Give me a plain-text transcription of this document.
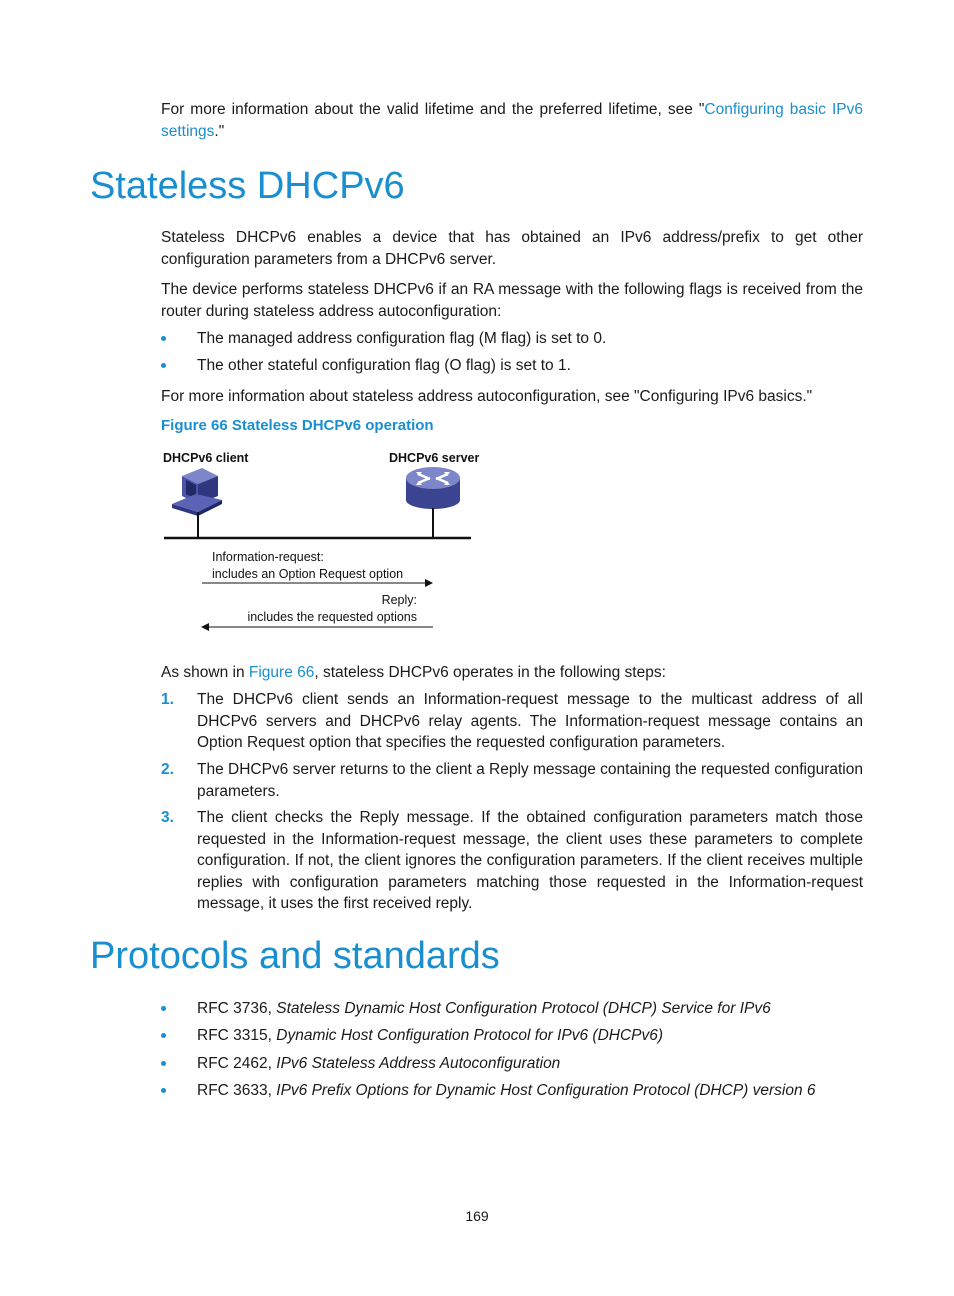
For more information about the valid lifetime and the preferred lifetime, see "Configuring basic IPv6 settings."

Stateless DHCPv6

Stateless DHCPv6 enables a device that has obtained an IPv6 address/prefix to get other configuration parameters from a DHCPv6 server.

The device performs stateless DHCPv6 if an RA message with the following flags is received from the router during stateless address autoconfiguration:

The managed address configuration flag (M flag) is set to 0.
The other stateful configuration flag (O flag) is set to 1.

For more information about stateless address autoconfiguration, see "Configuring IPv6 basics."

Figure 66 Stateless DHCPv6 operation
DHCPv6 client	DHCPv6 server
Information-request:
includes an Option Request option
Reply:
includes the requested options

As shown in Figure 66, stateless DHCPv6 operates in the following steps:

1. The DHCPv6 client sends an Information-request message to the multicast address of all DHCPv6 servers and DHCPv6 relay agents. The Information-request message contains an Option Request option that specifies the requested configuration parameters.
2. The DHCPv6 server returns to the client a Reply message containing the requested configuration parameters.
3. The client checks the Reply message. If the obtained configuration parameters match those requested in the Information-request message, the client uses these parameters to complete configuration. If not, the client ignores the configuration parameters. If the client receives multiple replies with configuration parameters matching those requested in the Information-request message, it uses the first received reply.
Protocols and standards
RFC 3736, Stateless Dynamic Host Configuration Protocol (DHCP) Service for IPv6
RFC 3315, Dynamic Host Configuration Protocol for IPv6 (DHCPv6)
RFC 2462, IPv6 Stateless Address Autoconfiguration
RFC 3633, IPv6 Prefix Options for Dynamic Host Configuration Protocol (DHCP) version 6
169
